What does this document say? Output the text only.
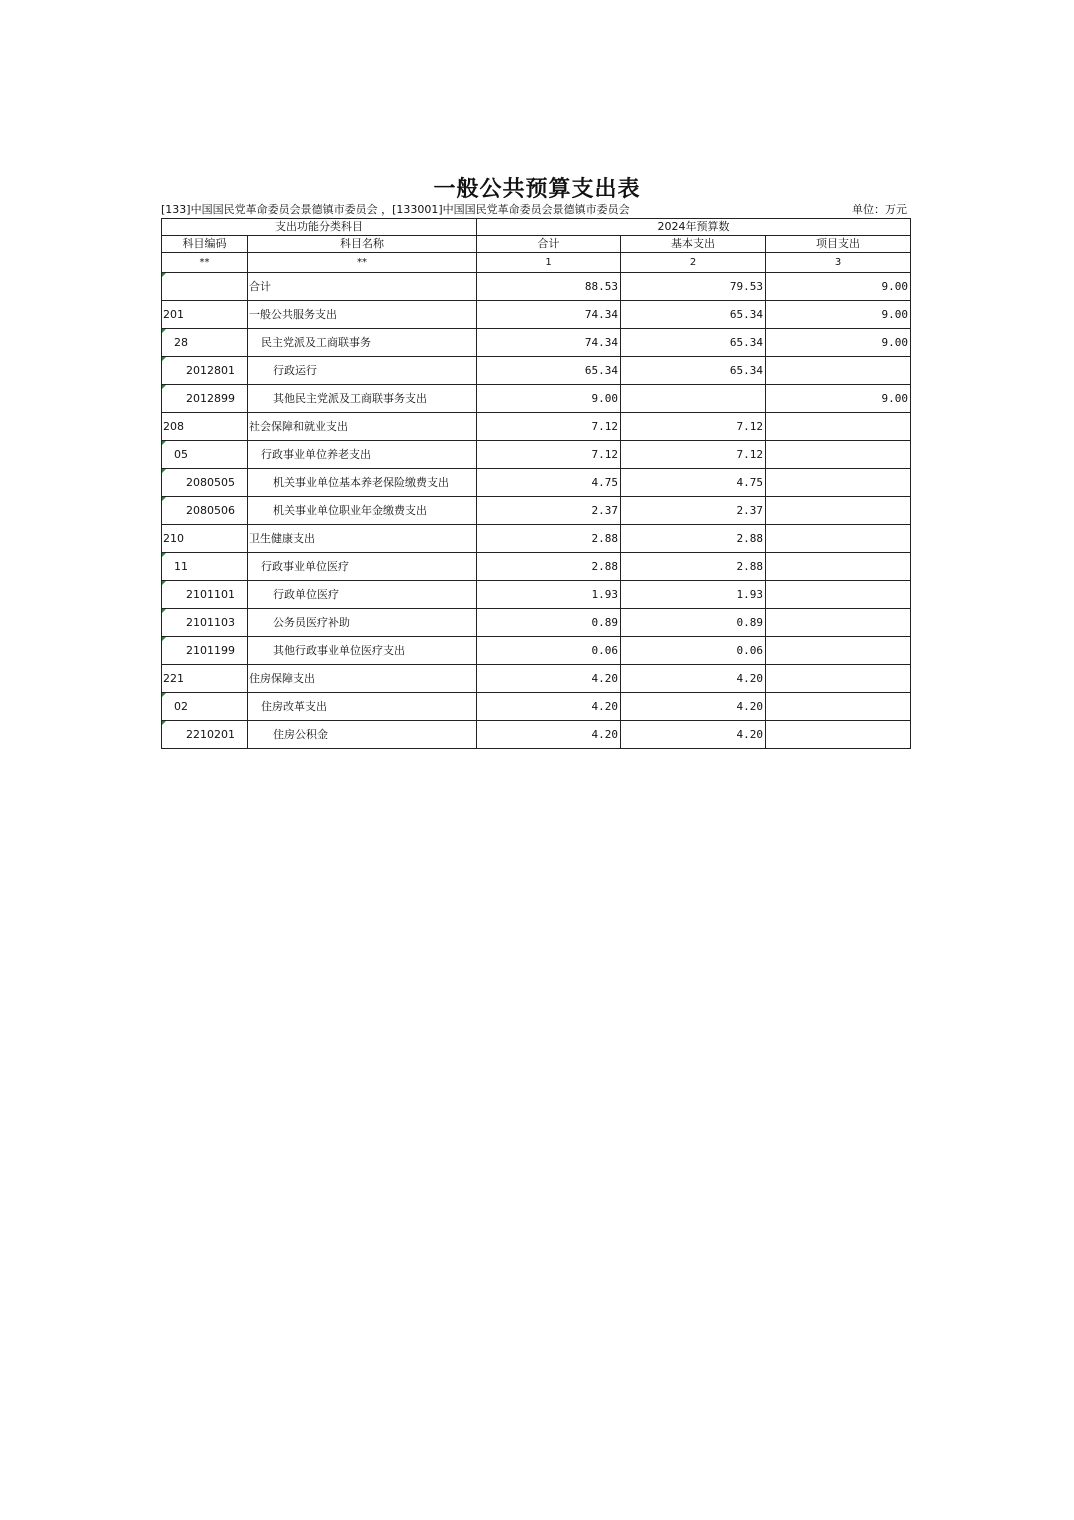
一般公共预算支出表
[133]中国国民党革命委员会景德镇市委员会 ，[133001]中国国民党革命委员会景德镇市委员会	单位：万元
支出功能分类科目		2024年预算数		
科目编码	科目名称	合计	基本支出	项目支出
**	**	1	2	3
	合计	88.53	79.53	9.00
201	一般公共服务支出	74.34	65.34	9.00
28	民主党派及工商联事务	74.34	65.34	9.00
2012801	行政运行	65.34	65.34	
2012899	其他民主党派及工商联事务支出	9.00		9.00
208	社会保障和就业支出	7.12	7.12	
05	行政事业单位养老支出	7.12	7.12	
2080505	机关事业单位基本养老保险缴费支出	4.75	4.75	
2080506	机关事业单位职业年金缴费支出	2.37	2.37	
210	卫生健康支出	2.88	2.88	
11	行政事业单位医疗	2.88	2.88	
2101101	行政单位医疗	1.93	1.93	
2101103	公务员医疗补助	0.89	0.89	
2101199	其他行政事业单位医疗支出	0.06	0.06	
221	住房保障支出	4.20	4.20	
02	住房改革支出	4.20	4.20	
2210201	住房公积金	4.20	4.20	
